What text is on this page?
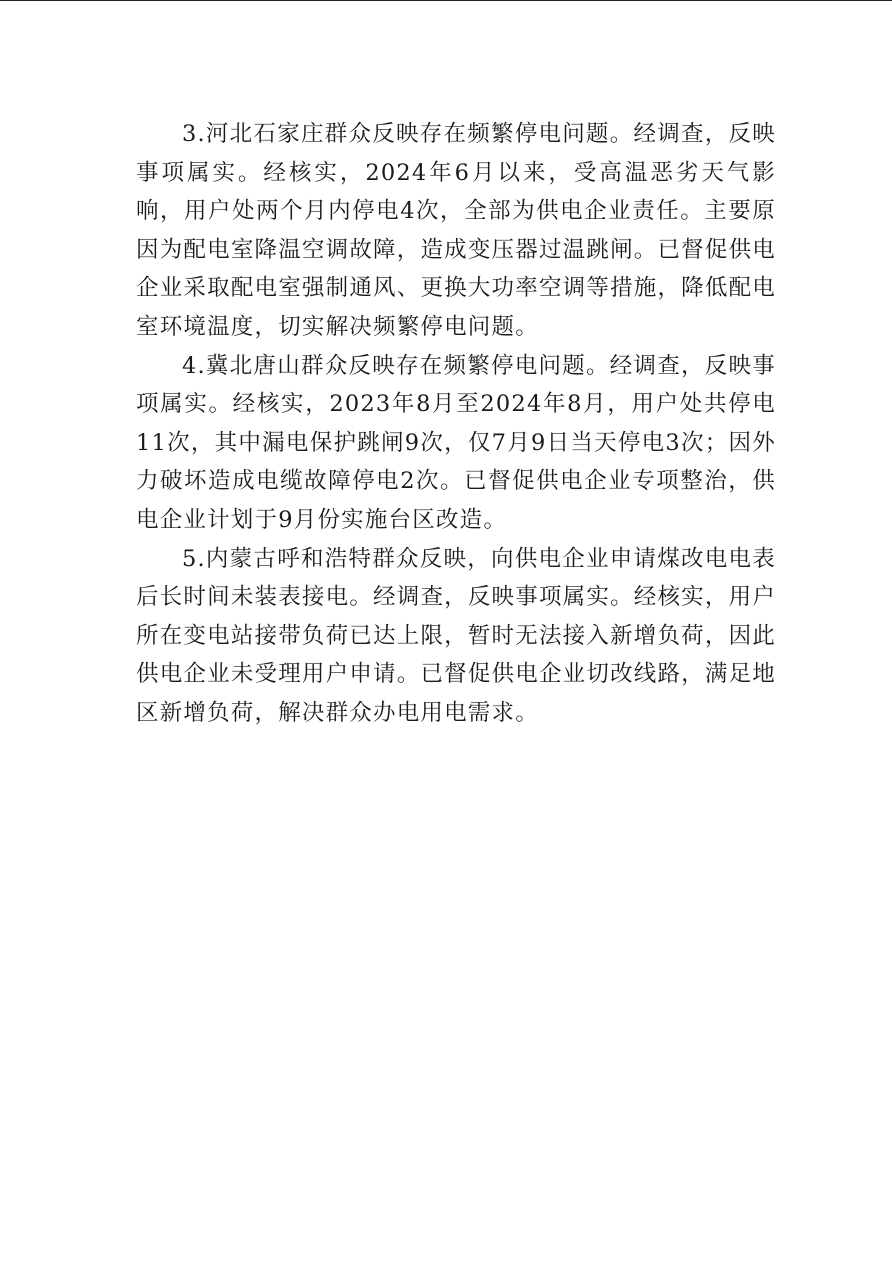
3.河北石家庄群众反映存在频繁停电问题。经调查，反映事项属实。经核实，2024年6月以来，受高温恶劣天气影响，用户处两个月内停电4次，全部为供电企业责任。主要原因为配电室降温空调故障，造成变压器过温跳闸。已督促供电企业采取配电室强制通风、更换大功率空调等措施，降低配电室环境温度，切实解决频繁停电问题。

4.冀北唐山群众反映存在频繁停电问题。经调查，反映事项属实。经核实，2023年8月至2024年8月，用户处共停电11次，其中漏电保护跳闸9次，仅7月9日当天停电3次；因外力破坏造成电缆故障停电2次。已督促供电企业专项整治，供电企业计划于9月份实施台区改造。

5.内蒙古呼和浩特群众反映，向供电企业申请煤改电电表后长时间未装表接电。经调查，反映事项属实。经核实，用户所在变电站接带负荷已达上限，暂时无法接入新增负荷，因此供电企业未受理用户申请。已督促供电企业切改线路，满足地区新增负荷，解决群众办电用电需求。
